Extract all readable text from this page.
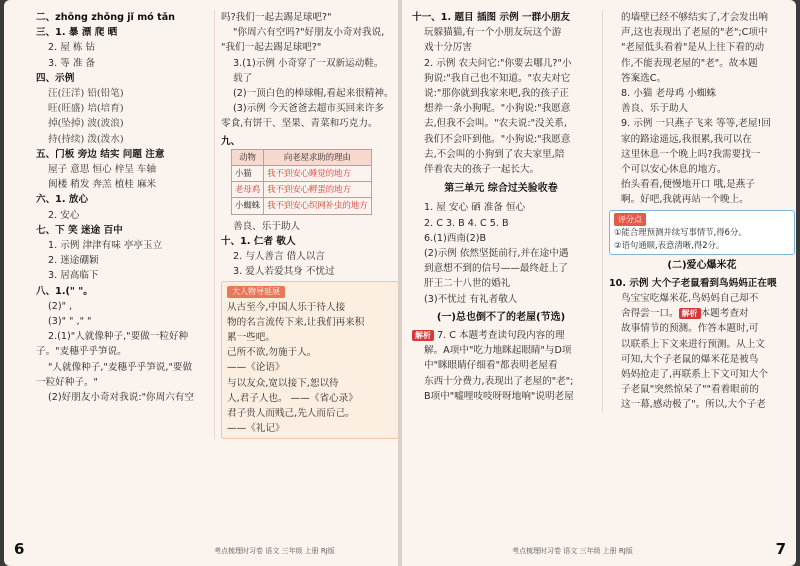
二、zhōng zhǒng jǐ mó tǎn
三、1. 暴 漂 爬 晒
2. 屋 栋 钻
3. 等 准 备
四、示例
汪(汪洋) 铅(铅笔)
旺(旺盛) 培(培育)
掉(坠掉) 波(波浪)
持(持续) 泼(泼水)
五、门板 旁边 结实 问题 注意
屋子 意思 恒心 梓呈 车轴
闽楼 稍发 奔羔 植桂 麻米
六、1. 放心
2. 安心
七、下 笑 迷途 百中
1. 示例 津津有味 亭亭玉立
2. 迷途硼颖
3. 居高临下
八、1.(" "。
(2)" ,
(3)" " ," "
2.(1)"人就像种子,"要做一粒好种
子。"麦穗乎乎笋说。
"人就像种子,"麦穗乎乎笋说,"要做
一粒好种子。"
(2)好朋友小奇对我说:"你周六有空
吗?我们一起去踢足球吧?"
"你周六有空吗?"好朋友小奇对我说,
"我们一起去踢足球吧?"
3.(1)示例 小奇穿了一双新运动鞋。
载了
(2)一顶白色的棒球帽,看起来很精神。
(3)示例 今天爸爸去超市买回来许多
零食,有饼干、坚果、青菜和巧克力。
九、
动物	向老屋求助的理由
小猫	我不到安心睡觉的地方
老母鸡	我不到安心孵蛋的地方
小蜘蛛	我不到安心织网补虫的地方
善良、乐于助人
十、1. 仁者 敬人
2. 与人善言 借人以言
3. 爱人若爱其身 不忧过
大人物导延展
从古至今,中国人乐于待人接
物的名言流传下来,让我们再来积
累一些吧。
己所不欲,勿施于人。
——《论语》
与以友众,宽以接下,恕以待
人,君子人也。 ——《省心录》
君子贵人而贱己,先人而后己。
——《礼记》
6	考点梳理时习卷 语文 三年级 上册 RJ版
十一、1. 题目 插图 示例 一群小朋友
玩躲猫猫,有一个小朋友玩这个游
戏十分厉害
2. 示例 农夫问它:"你要去哪儿?"小
狗说:"我自己也不知道。"农夫对它
说:"那你就到我家来吧,我的孩子正
想养一条小狗呢。"小狗说:"我愿意
去,但我不会叫。"农夫说:"没关系,
我们不会吓到他。"小狗说:"我愿意
去,不会叫的小狗到了农夫家里,陪
伴着农夫的孩子一起长大。
第三单元 综合过关验收卷
1. 屋 安心 硒 准备 恒心
2. C 3. B 4. C 5. B
6.(1)西南(2)B
(2)示例 依然坚挺前行,并在途中遇
到意想不到的信号——最终赶上了
肝王二十八世的婚礼
(3)不忧过 有礼者敬人
(一)总也倒不了的老屋(节选)
解析 7. C 本题考查读句段内容的理
解。A项中"吃力地眯起眼睛"与D项
中"眯眼睛仔细看"都表明老屋看
东西十分费力,表现出了老屋的"老";
B项中"嘘哩吱吱呀呀地响"说明老屋
的墙壁已经不够结实了,才会发出响
声,这也表现出了老屋的"老";C项中
"老屋低头看着"是从上往下看的动
作,不能表现老屋的"老"。故本题
答案选C。
8. 小猫 老母鸡 小蜘蛛
善良、乐于助人
9. 示例 一只燕子飞来 等等,老屋!回
家的路途遥远,我很累,我可以在
这里休息一个晚上吗?我需要找一
个可以安心休息的地方。
抬头看看,便慢地开口 哦,是燕子
啊。好吧,我就再站一个晚上。
评分点
①能合理预测并续写事情节,得6分。
②语句通顺,表意清晰,得2分。
(二)爱心爆米花
10. 示例 大个子老鼠看到鸟妈妈正在喂
鸟宝宝吃爆米花,鸟妈妈自己却不
舍得尝一口。 解析 本题考查对
故事情节的预测。作答本题时,可
以联系上下文来进行预测。从上文
可知,大个子老鼠的爆米花是被鸟
妈妈抢走了,再联系上下文可知大个
子老鼠"突然惊呆了""看着眼前的
这一幕,感动极了"。所以,大个子老
考点梳理时习卷 语文 三年级 上册 RJ版	7
